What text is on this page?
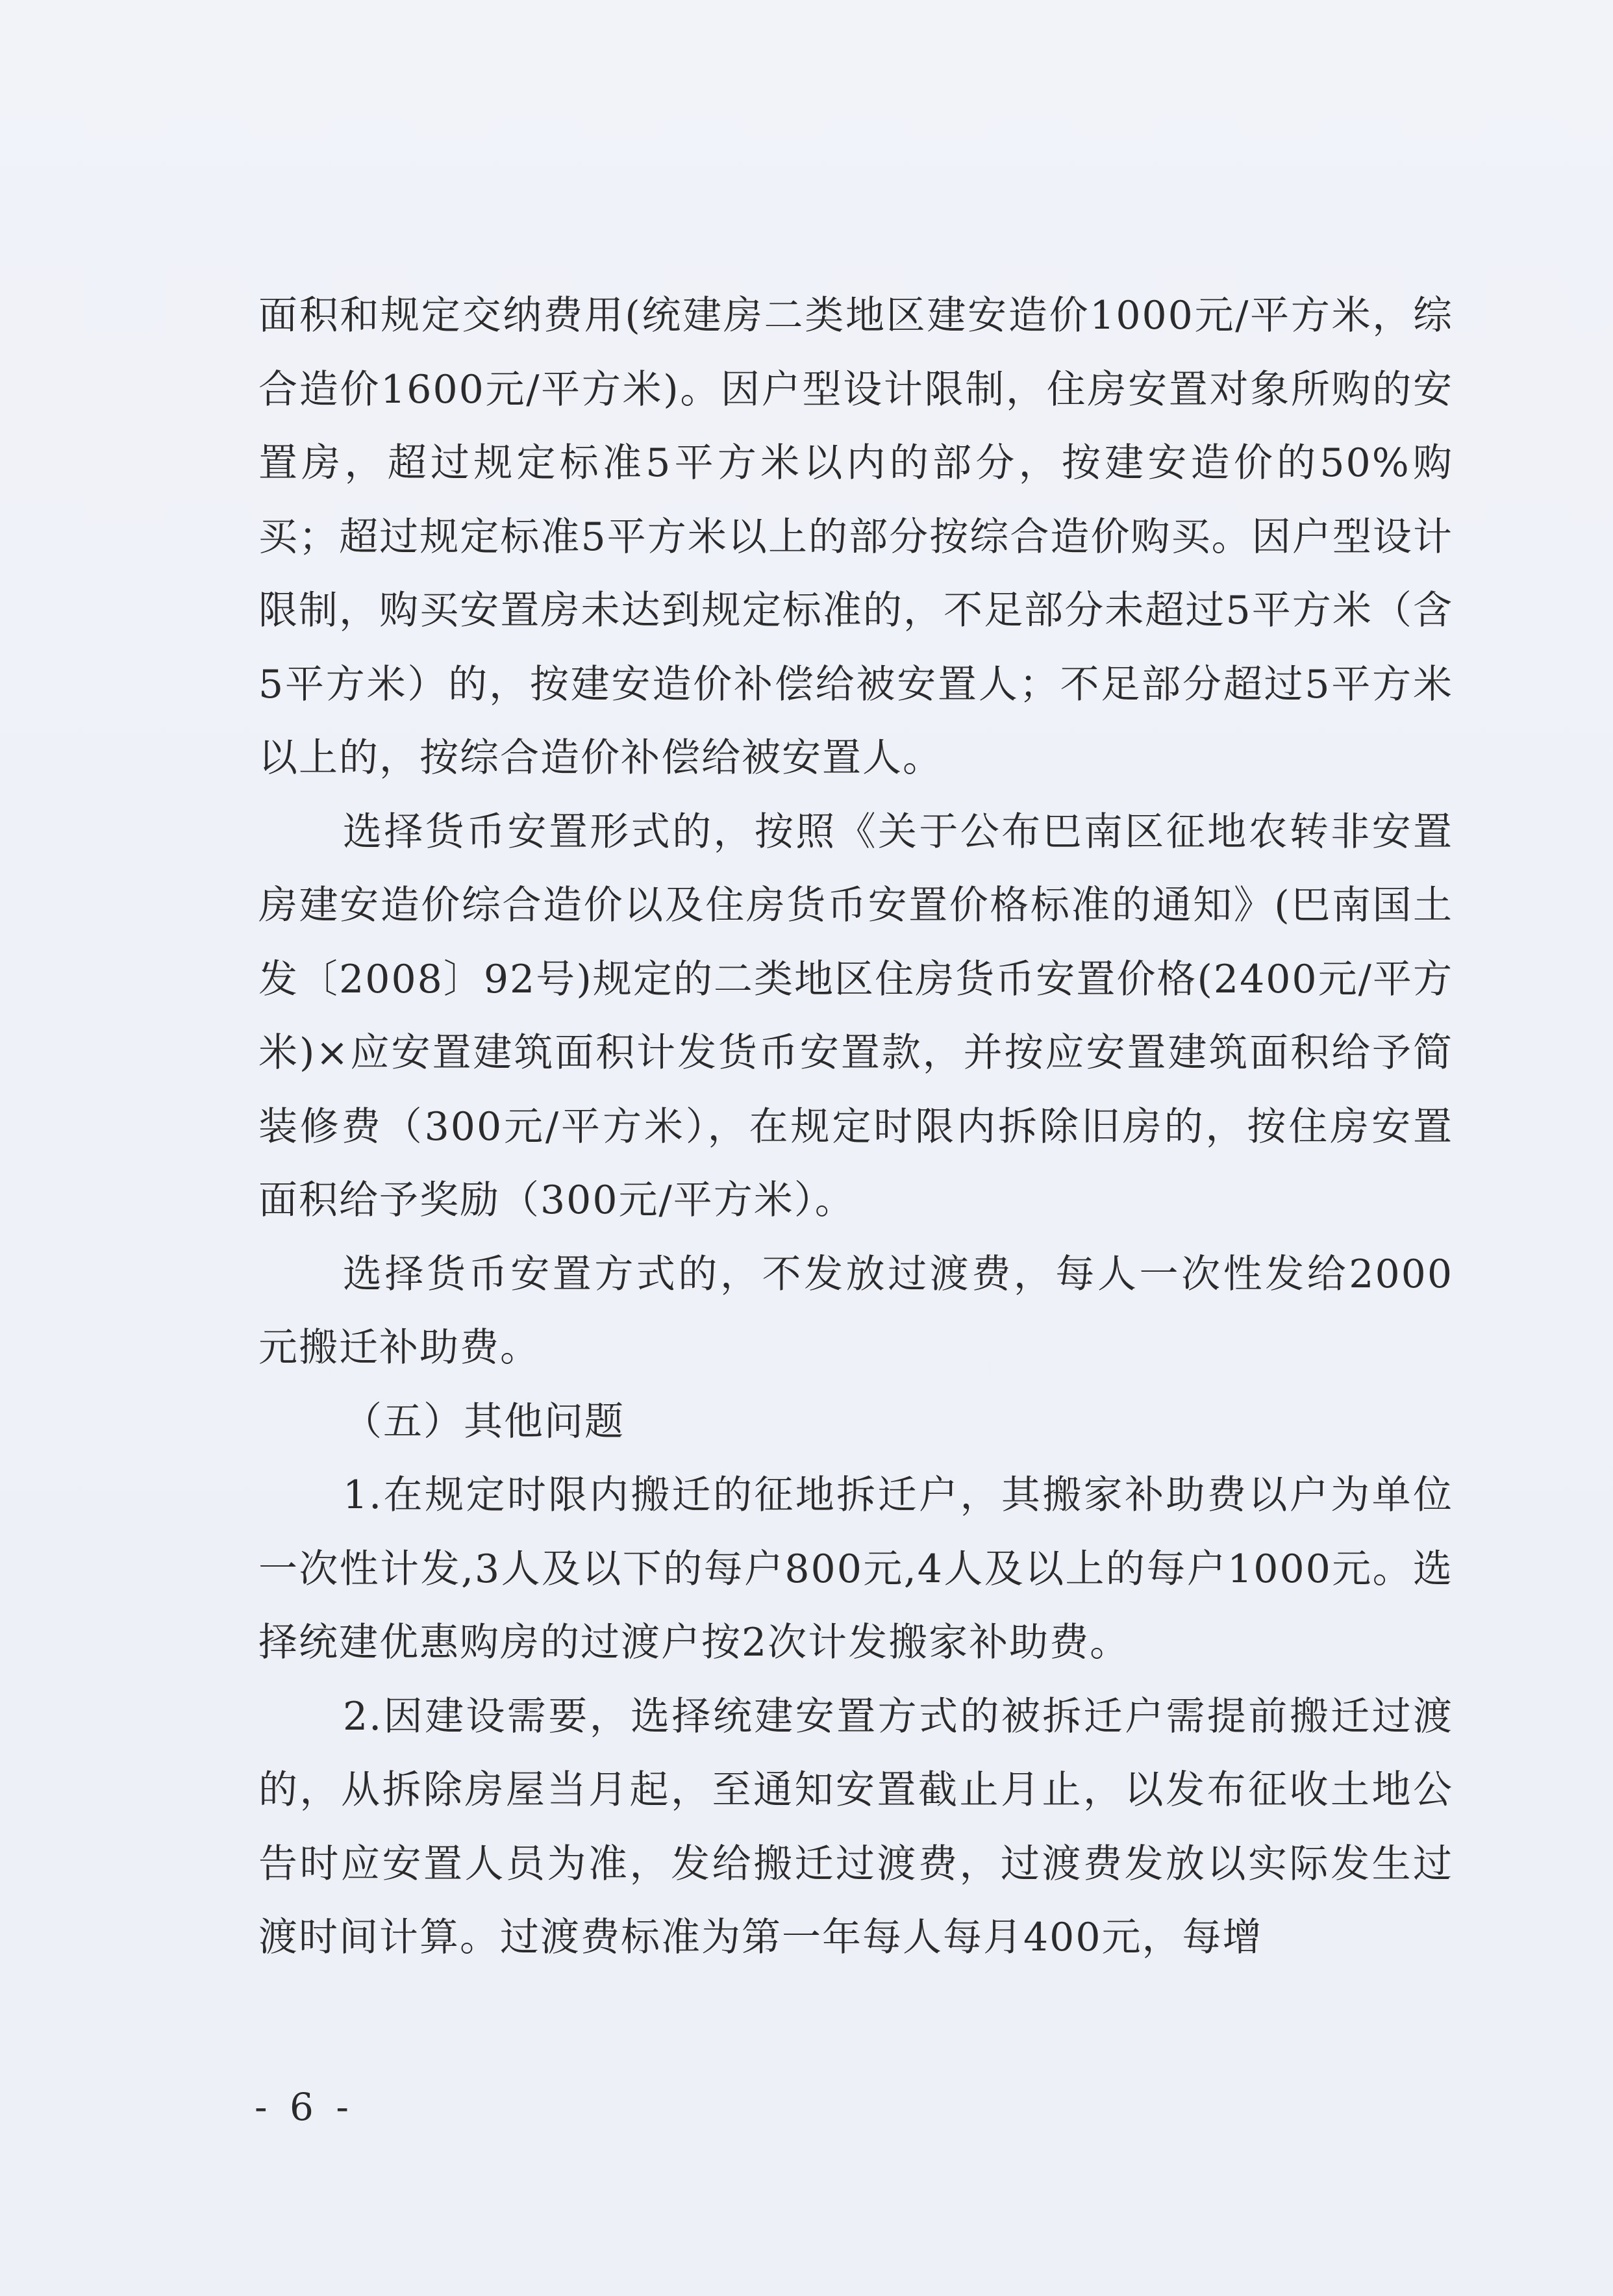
面积和规定交纳费用(统建房二类地区建安造价1000元/平方米，综合造价1600元/平方米)。因户型设计限制，住房安置对象所购的安置房，超过规定标准5平方米以内的部分，按建安造价的50%购买；超过规定标准5平方米以上的部分按综合造价购买。因户型设计限制，购买安置房未达到规定标准的，不足部分未超过5平方米（含5平方米）的，按建安造价补偿给被安置人；不足部分超过5平方米以上的，按综合造价补偿给被安置人。

选择货币安置形式的，按照《关于公布巴南区征地农转非安置房建安造价综合造价以及住房货币安置价格标准的通知》(巴南国土发〔2008〕92号)规定的二类地区住房货币安置价格(2400元/平方米)×应安置建筑面积计发货币安置款，并按应安置建筑面积给予简装修费（300元/平方米），在规定时限内拆除旧房的，按住房安置面积给予奖励（300元/平方米）。

选择货币安置方式的，不发放过渡费，每人一次性发给2000元搬迁补助费。

（五）其他问题

1.在规定时限内搬迁的征地拆迁户，其搬家补助费以户为单位一次性计发,3人及以下的每户800元,4人及以上的每户1000元。选择统建优惠购房的过渡户按2次计发搬家补助费。

2.因建设需要，选择统建安置方式的被拆迁户需提前搬迁过渡的，从拆除房屋当月起，至通知安置截止月止，以发布征收土地公告时应安置人员为准，发给搬迁过渡费，过渡费发放以实际发生过渡时间计算。过渡费标准为第一年每人每月400元，每增

- 6 -
